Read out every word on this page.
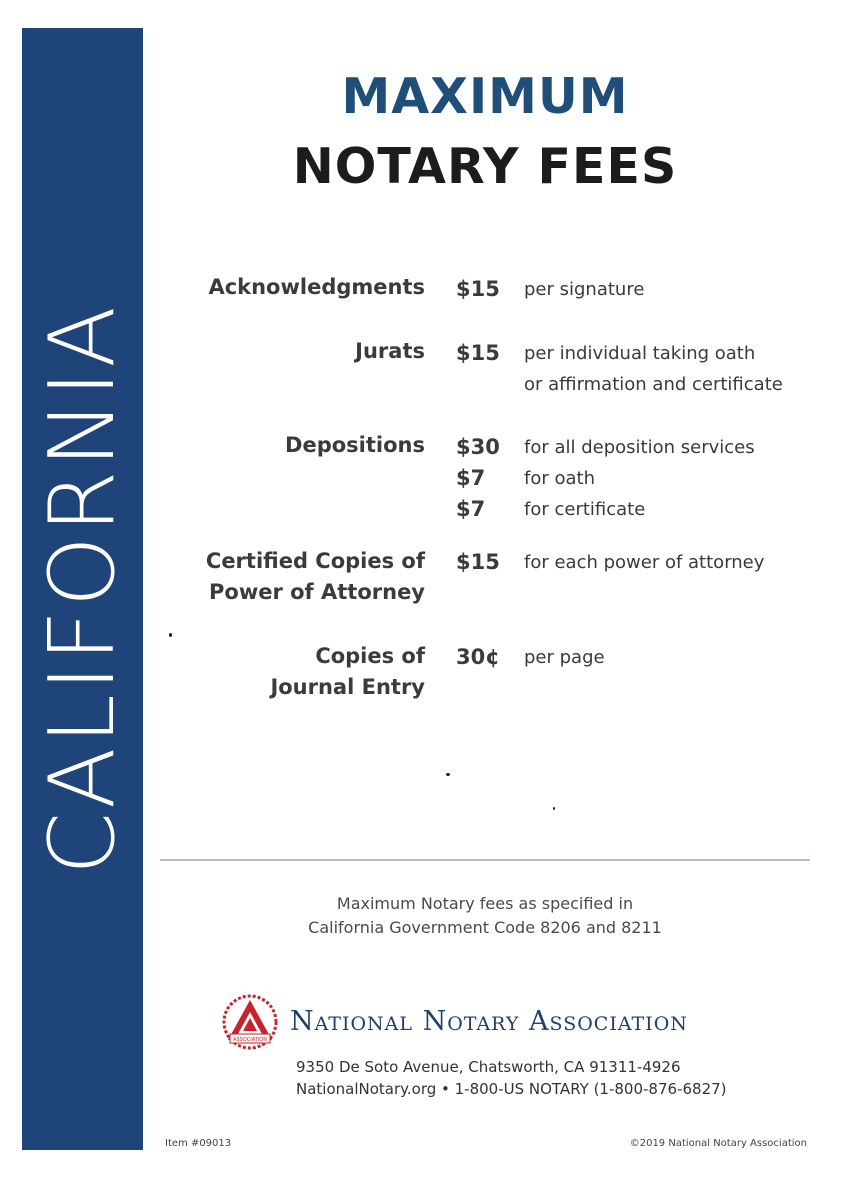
CALIFORNIA
MAXIMUM
NOTARY FEES
Acknowledgments $15 per signature
Jurats $15 per individual taking oath
or affirmation and certificate
Depositions $30 for all deposition services
$7 for oath
$7 for certificate
Certified Copies of
Power of Attorney
$15 for each power of attorney
Copies of
Journal Entry
30¢ per page
Maximum Notary fees as specified in
California Government Code 8206 and 8211
ASSOCIATION
National Notary Association
9350 De Soto Avenue, Chatsworth, CA 91311-4926
NationalNotary.org • 1-800-US NOTARY (1-800-876-6827)
Item #09013	©2019 National Notary Association
